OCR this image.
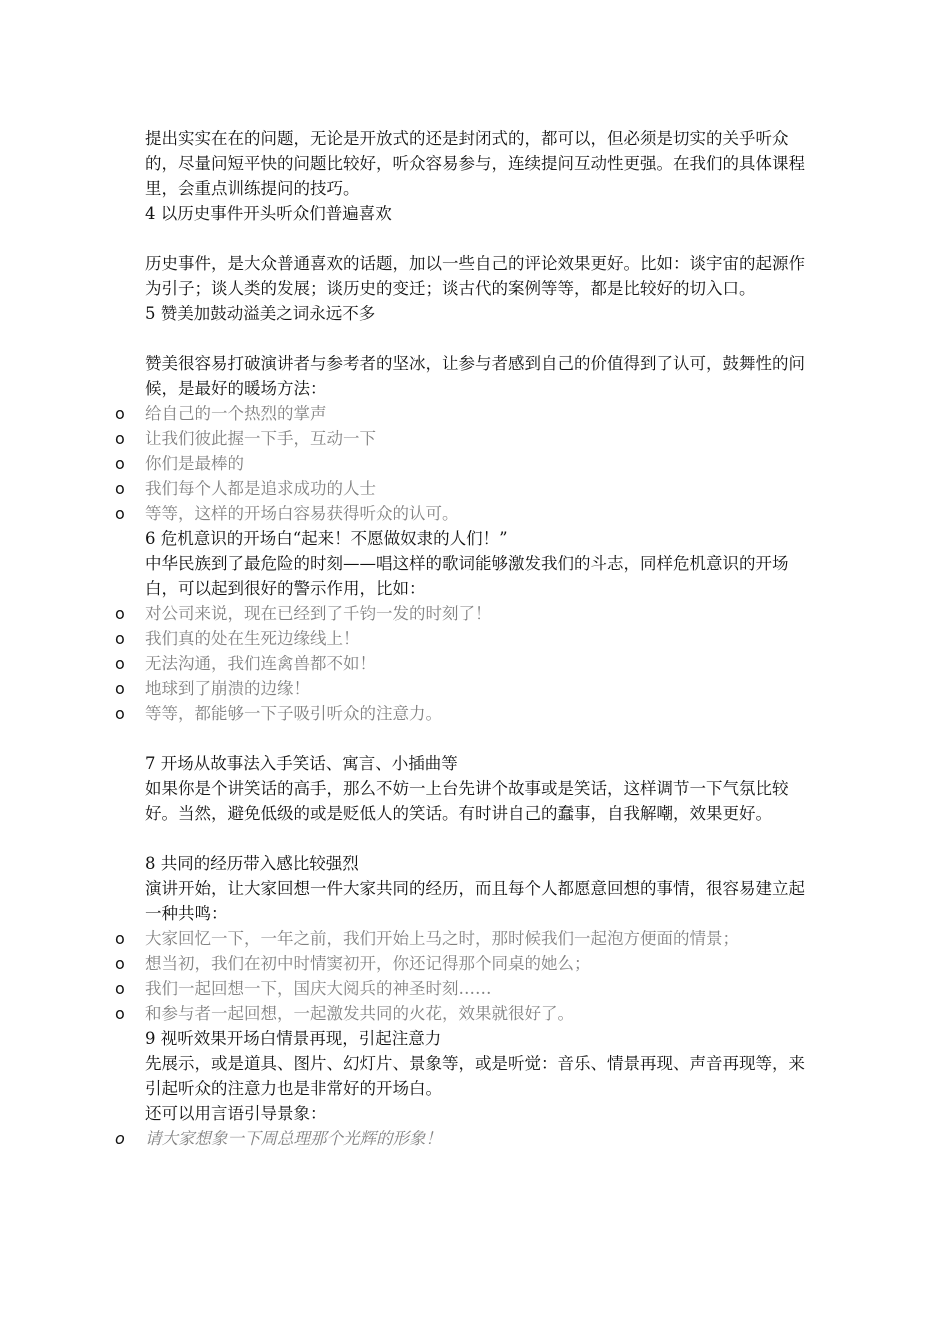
提出实实在在的问题，无论是开放式的还是封闭式的，都可以，但必须是切实的关乎听众的，尽量问短平快的问题比较好，听众容易参与，连续提问互动性更强。在我们的具体课程里，会重点训练提问的技巧。

4 以历史事件开头听众们普遍喜欢

历史事件，是大众普通喜欢的话题，加以一些自己的评论效果更好。比如：谈宇宙的起源作为引子；谈人类的发展；谈历史的变迁；谈古代的案例等等，都是比较好的切入口。

5 赞美加鼓动溢美之词永远不多

赞美很容易打破演讲者与参考者的坚冰，让参与者感到自己的价值得到了认可，鼓舞性的问候，是最好的暖场方法：

o 给自己的一个热烈的掌声
o 让我们彼此握一下手，互动一下
o 你们是最棒的
o 我们每个人都是追求成功的人士
o 等等，这样的开场白容易获得听众的认可。

6 危机意识的开场白“起来！不愿做奴隶的人们！”

中华民族到了最危险的时刻——唱这样的歌词能够激发我们的斗志，同样危机意识的开场白，可以起到很好的警示作用，比如：

o 对公司来说，现在已经到了千钧一发的时刻了！
o 我们真的处在生死边缘线上！
o 无法沟通，我们连禽兽都不如！
o 地球到了崩溃的边缘！
o 等等，都能够一下子吸引听众的注意力。

7 开场从故事法入手笑话、寓言、小插曲等

如果你是个讲笑话的高手，那么不妨一上台先讲个故事或是笑话，这样调节一下气氛比较好。当然，避免低级的或是贬低人的笑话。有时讲自己的蠢事，自我解嘲，效果更好。

8 共同的经历带入感比较强烈

演讲开始，让大家回想一件大家共同的经历，而且每个人都愿意回想的事情，很容易建立起一种共鸣：

o 大家回忆一下，一年之前，我们开始上马之时，那时候我们一起泡方便面的情景；
o 想当初，我们在初中时情窦初开，你还记得那个同桌的她么；
o 我们一起回想一下，国庆大阅兵的神圣时刻……
o 和参与者一起回想，一起激发共同的火花，效果就很好了。

9 视听效果开场白情景再现，引起注意力

先展示，或是道具、图片、幻灯片、景象等，或是听觉：音乐、情景再现、声音再现等，来引起听众的注意力也是非常好的开场白。

还可以用言语引导景象：

o 请大家想象一下周总理那个光辉的形象！
